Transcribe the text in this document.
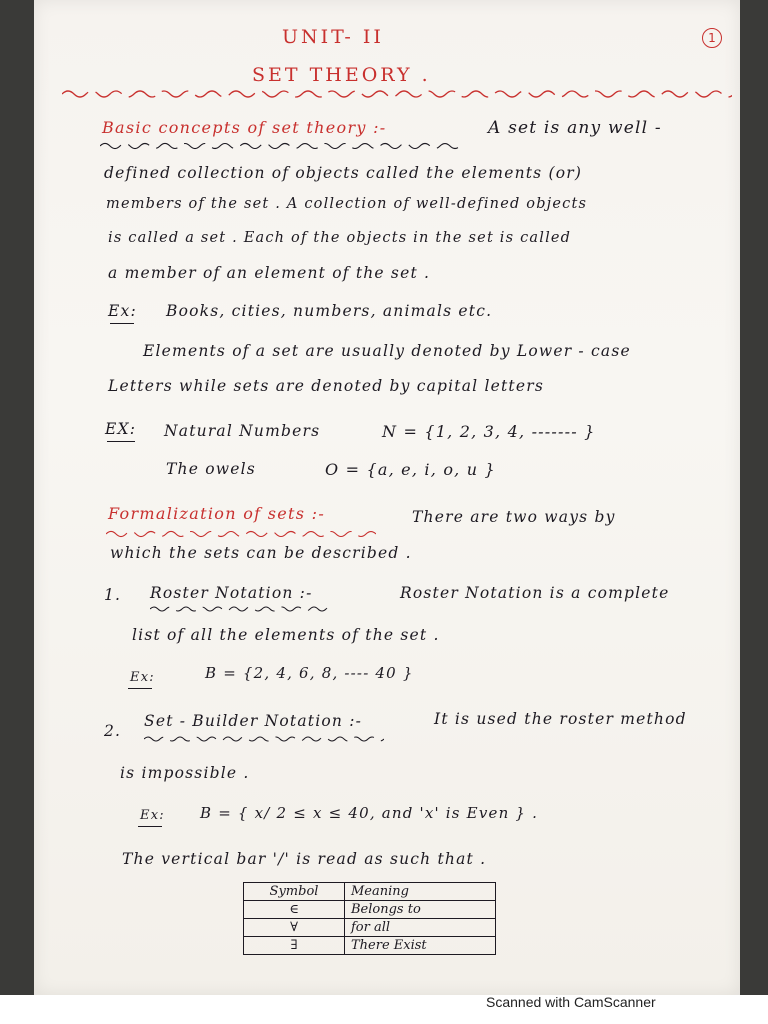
UNIT- II	1
SET THEORY .
Basic concepts of set theory :-	A set is any well -
defined collection of objects called the elements (or)
members of the set . A collection of well-defined objects
is called a set . Each of the objects in the set is called
a member of an element of the set .
Ex: Books, cities, numbers, animals etc.
Elements of a set are usually denoted by Lower - case
Letters while sets are denoted by capital letters
EX: Natural Numbers	N = {1, 2, 3, 4, ------- }
The owels	O = {a, e, i, o, u }
Formalization of sets :-	There are two ways by
which the sets can be described .
1. Roster Notation :-	Roster Notation is a complete
list of all the elements of the set .
Ex:	B = {2, 4, 6, 8, ---- 40 }
2.
Set - Builder Notation :-	It is used the roster method
is impossible .
Ex: B = { x/ 2 ≤ x ≤ 40, and 'x' is Even } .
The vertical bar '/' is read as such that .
Symbol	Meaning
∈	Belongs to
∀	for all
∃	There Exist
Scanned with CamScanner
